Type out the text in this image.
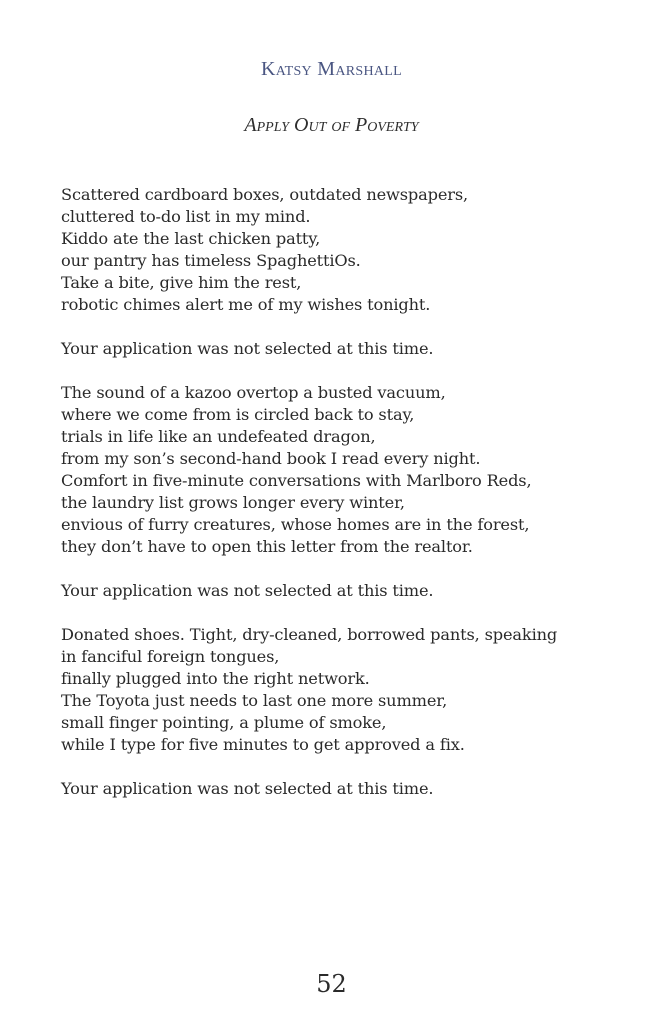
Katsy Marshall
Apply Out of Poverty
Scattered cardboard boxes, outdated newspapers,
cluttered to-do list in my mind.
Kiddo ate the last chicken patty,
our pantry has timeless SpaghettiOs.
Take a bite, give him the rest,
robotic chimes alert me of my wishes tonight.
Your application was not selected at this time.
The sound of a kazoo overtop a busted vacuum,
where we come from is circled back to stay,
trials in life like an undefeated dragon,
from my son’s second-hand book I read every night.
Comfort in five-minute conversations with Marlboro Reds,
the laundry list grows longer every winter,
envious of furry creatures, whose homes are in the forest,
they don’t have to open this letter from the realtor.
Your application was not selected at this time.
Donated shoes. Tight, dry-cleaned, borrowed pants, speaking
in fanciful foreign tongues,
finally plugged into the right network.
The Toyota just needs to last one more summer,
small finger pointing, a plume of smoke,
while I type for five minutes to get approved a fix.
Your application was not selected at this time.
52
